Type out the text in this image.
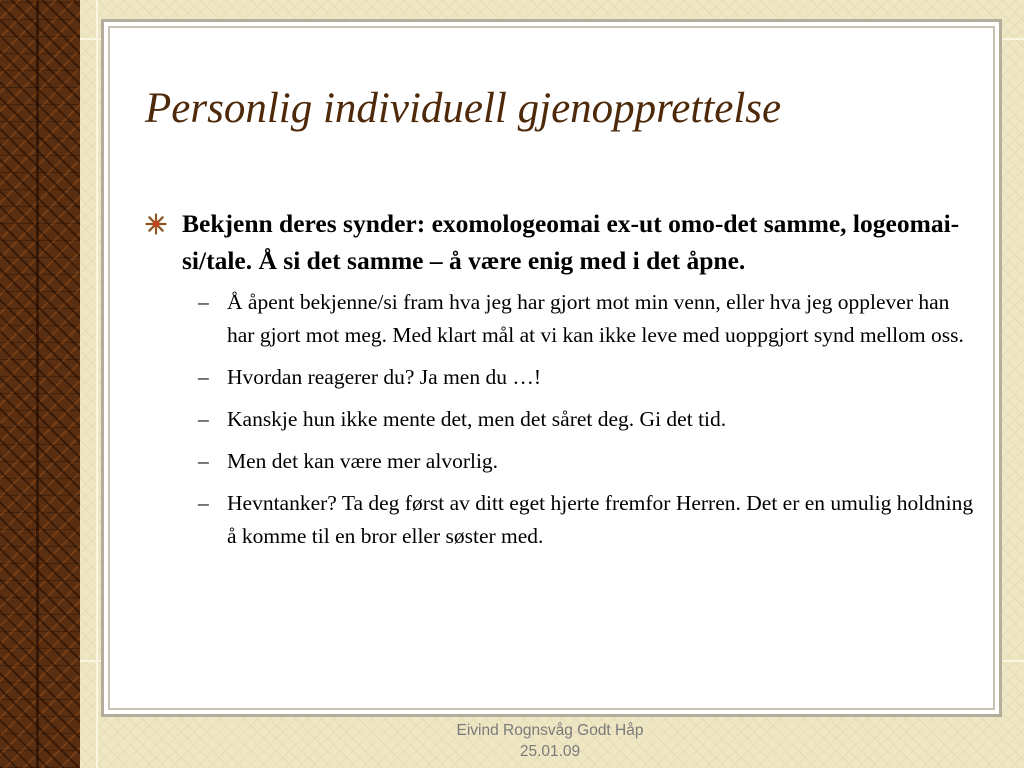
Personlig individuell gjenopprettelse
Bekjenn deres synder: exomologeomai ex-ut omo-det samme, logeomai-si/tale. Å si det samme – å være enig med i det åpne.
– Å åpent bekjenne/si fram hva jeg har gjort mot min venn, eller hva jeg opplever han har gjort mot meg. Med klart mål at vi kan ikke leve med uoppgjort synd mellom oss.
– Hvordan reagerer du? Ja men du …!
– Kanskje hun ikke mente det, men det såret deg. Gi det tid.
– Men det kan være mer alvorlig.
– Hevntanker? Ta deg først av ditt eget hjerte fremfor Herren. Det er en umulig holdning å komme til en bror eller søster med.
Eivind Rognsvåg Godt Håp
25.01.09
